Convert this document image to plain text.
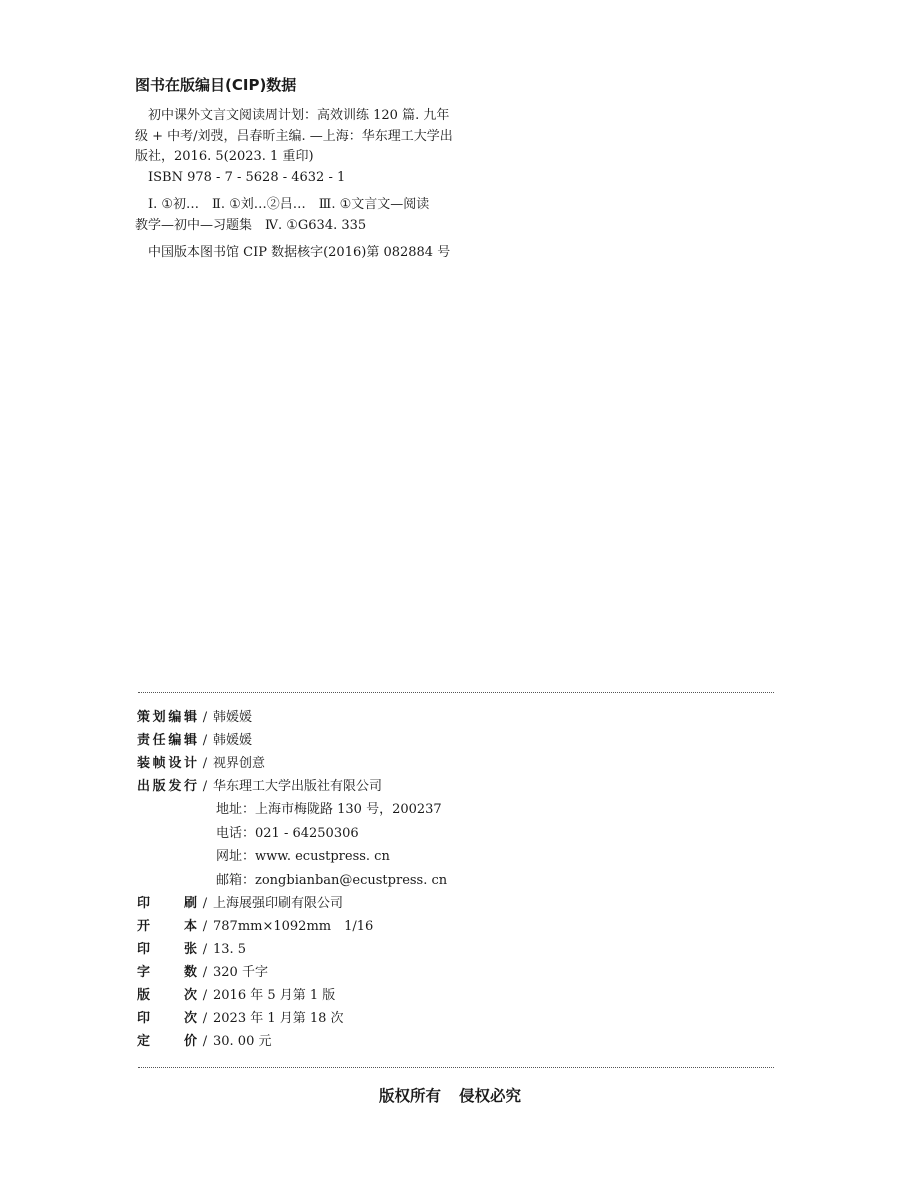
图书在版编目(CIP)数据

初中课外文言文阅读周计划：高效训练 120 篇. 九年

级 + 中考/刘弢，吕春昕主编. —上海：华东理工大学出

版社，2016. 5(2023. 1 重印)

ISBN 978 - 7 - 5628 - 4632 - 1

Ⅰ. ①初…　Ⅱ. ①刘…②吕…　Ⅲ. ①文言文—阅读

教学—初中—习题集　Ⅳ. ①G634. 335

中国版本图书馆 CIP 数据核字(2016)第 082884 号

策划编辑 / 韩媛媛
责任编辑 / 韩媛媛
装帧设计 / 视界创意
出版发行 / 华东理工大学出版社有限公司
地址：上海市梅陇路 130 号，200237
电话：021 - 64250306
网址：www. ecustpress. cn
邮箱：zongbianban@ecustpress. cn
印　　刷 / 上海展强印刷有限公司
开　　本 / 787mm×1092mm　1/16
印　　张 / 13. 5
字　　数 / 320 千字
版　　次 / 2016 年 5 月第 1 版
印　　次 / 2023 年 1 月第 18 次
定　　价 / 30. 00 元
版权所有 侵权必究
